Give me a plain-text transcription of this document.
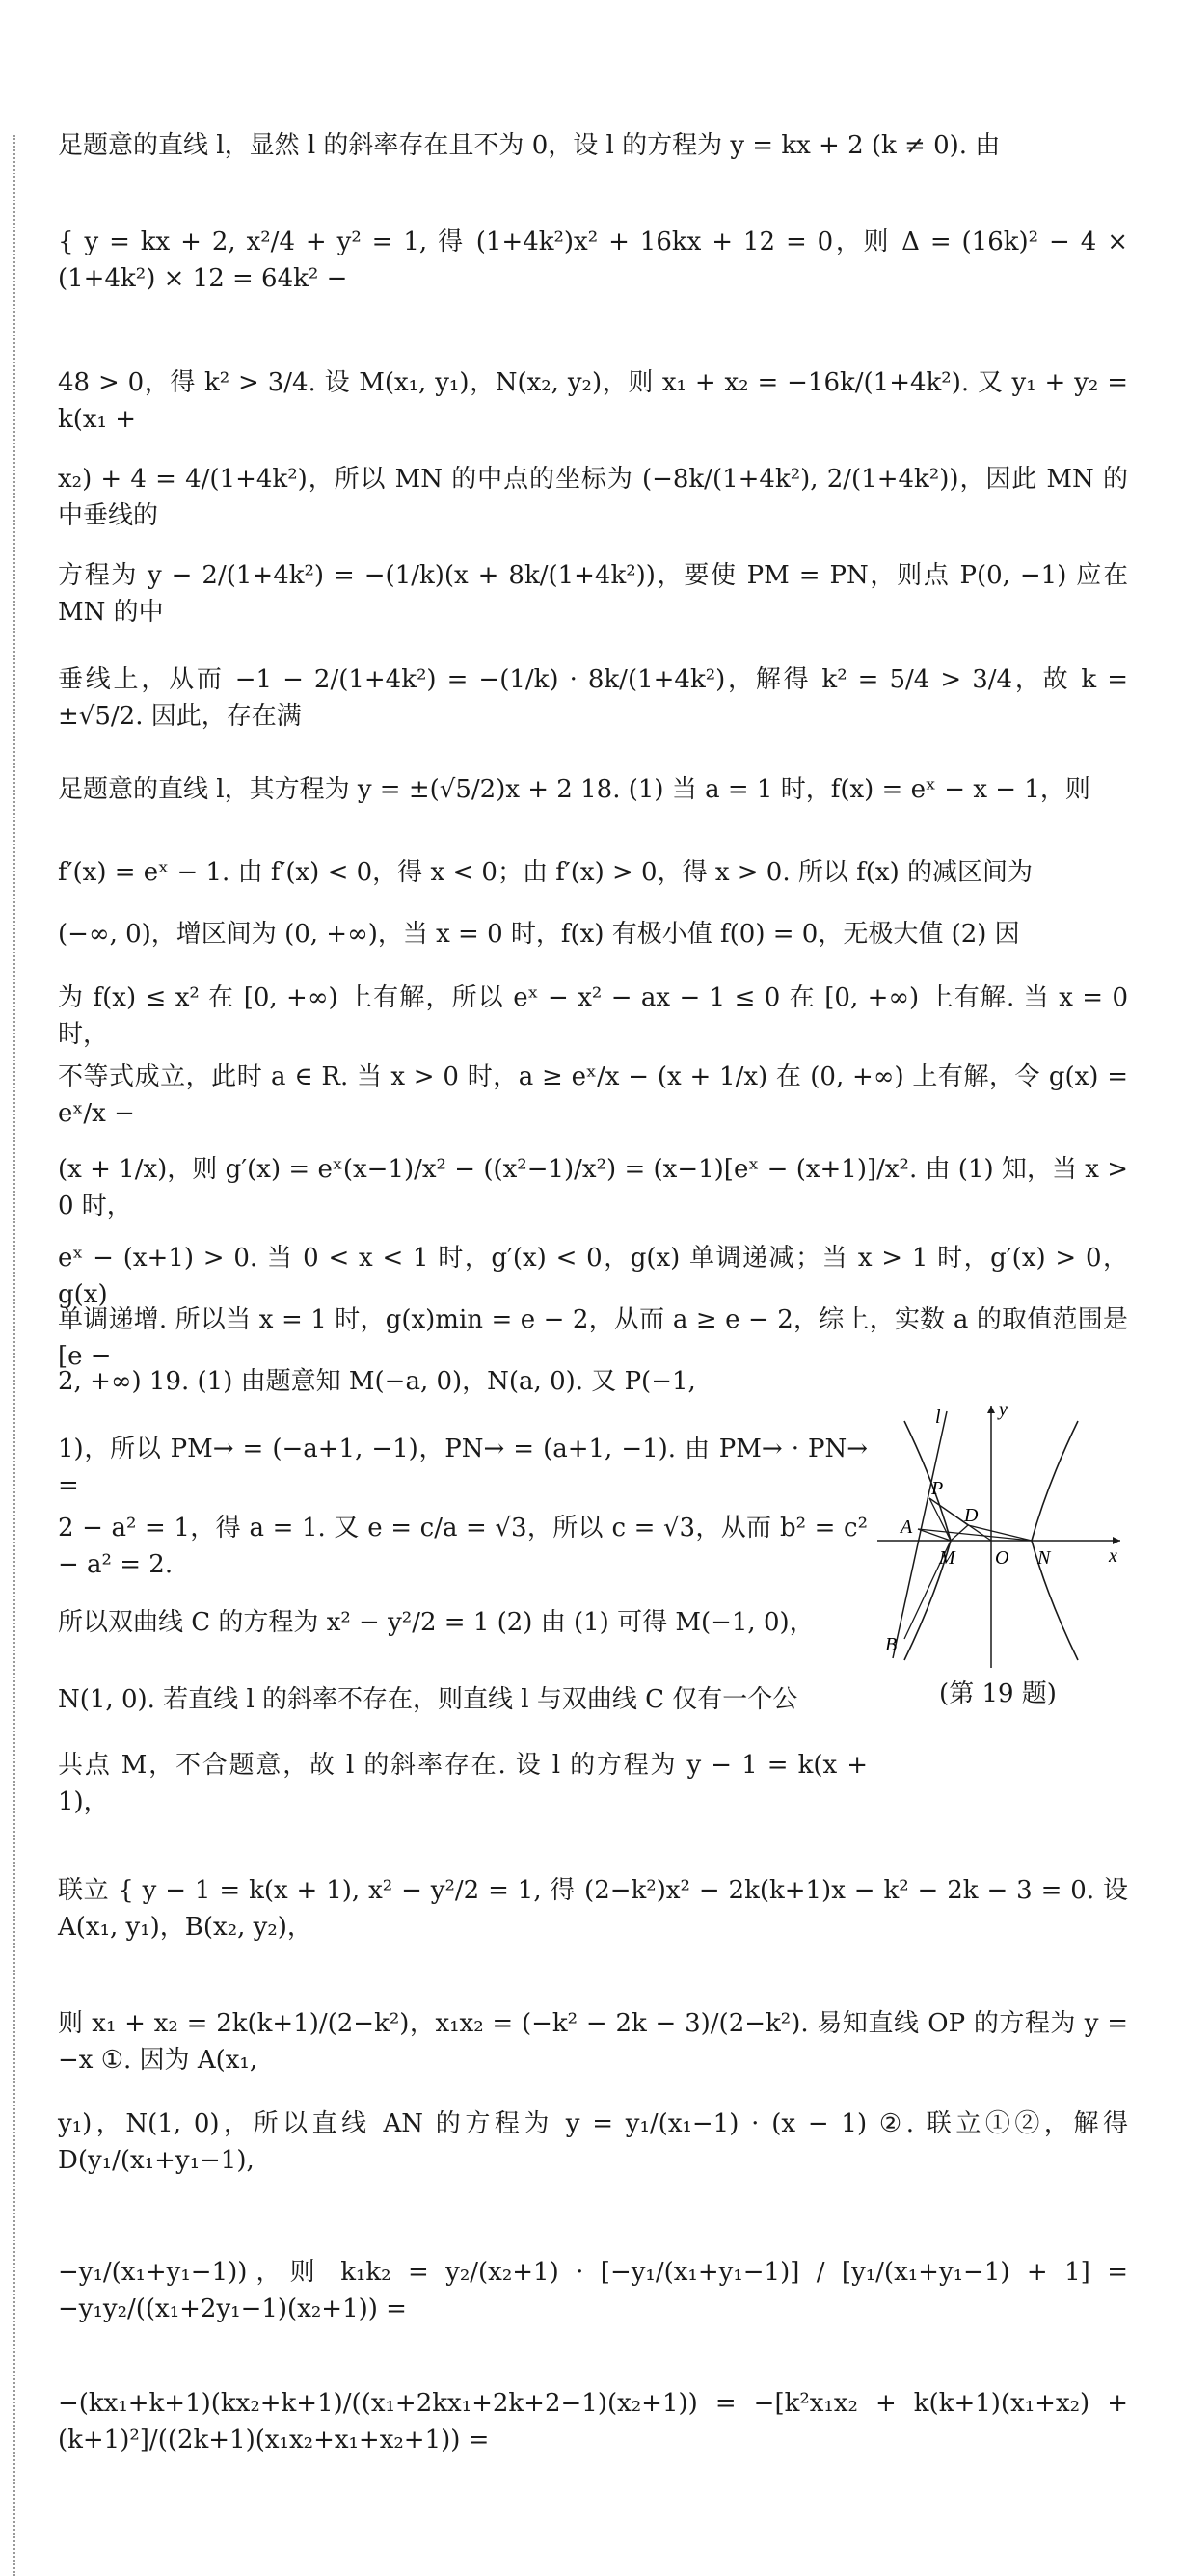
足题意的直线 l，显然 l 的斜率存在且不为 0，设 l 的方程为 y = kx + 2 (k ≠ 0). 由

{ y = kx + 2, x²/4 + y² = 1, 得 (1+4k²)x² + 16kx + 12 = 0，则 Δ = (16k)² − 4 × (1+4k²) × 12 = 64k² −

48 > 0，得 k² > 3/4. 设 M(x₁, y₁)，N(x₂, y₂)，则 x₁ + x₂ = −16k/(1+4k²). 又 y₁ + y₂ = k(x₁ +

x₂) + 4 = 4/(1+4k²)，所以 MN 的中点的坐标为 (−8k/(1+4k²), 2/(1+4k²))，因此 MN 的中垂线的

方程为 y − 2/(1+4k²) = −(1/k)(x + 8k/(1+4k²))，要使 PM = PN，则点 P(0, −1) 应在 MN 的中

垂线上，从而 −1 − 2/(1+4k²) = −(1/k) · 8k/(1+4k²)，解得 k² = 5/4 > 3/4，故 k = ±√5/2. 因此，存在满

足题意的直线 l，其方程为 y = ±(√5/2)x + 2 18. (1) 当 a = 1 时，f(x) = eˣ − x − 1，则

f′(x) = eˣ − 1. 由 f′(x) < 0，得 x < 0；由 f′(x) > 0，得 x > 0. 所以 f(x) 的减区间为

(−∞, 0)，增区间为 (0, +∞)，当 x = 0 时，f(x) 有极小值 f(0) = 0，无极大值 (2) 因

为 f(x) ≤ x² 在 [0, +∞) 上有解，所以 eˣ − x² − ax − 1 ≤ 0 在 [0, +∞) 上有解. 当 x = 0 时，

不等式成立，此时 a ∈ R. 当 x > 0 时，a ≥ eˣ/x − (x + 1/x) 在 (0, +∞) 上有解，令 g(x) = eˣ/x −

(x + 1/x)，则 g′(x) = eˣ(x−1)/x² − ((x²−1)/x²) = (x−1)[eˣ − (x+1)]/x². 由 (1) 知，当 x > 0 时，

eˣ − (x+1) > 0. 当 0 < x < 1 时，g′(x) < 0，g(x) 单调递减；当 x > 1 时，g′(x) > 0，g(x)

单调递增. 所以当 x = 1 时，g(x)min = e − 2，从而 a ≥ e − 2，综上，实数 a 的取值范围是 [e −

2, +∞) 19. (1) 由题意知 M(−a, 0)，N(a, 0). 又 P(−1,

1)，所以 PM→ = (−a+1, −1)，PN→ = (a+1, −1). 由 PM→ · PN→ =

2 − a² = 1，得 a = 1. 又 e = c/a = √3，所以 c = √3，从而 b² = c² − a² = 2.

所以双曲线 C 的方程为 x² − y²/2 = 1 (2) 由 (1) 可得 M(−1, 0)，

N(1, 0). 若直线 l 的斜率不存在，则直线 l 与双曲线 C 仅有一个公

共点 M，不合题意，故 l 的斜率存在. 设 l 的方程为 y − 1 = k(x + 1)，

联立 { y − 1 = k(x + 1), x² − y²/2 = 1, 得 (2−k²)x² − 2k(k+1)x − k² − 2k − 3 = 0. 设 A(x₁, y₁)，B(x₂, y₂)，

则 x₁ + x₂ = 2k(k+1)/(2−k²)，x₁x₂ = (−k² − 2k − 3)/(2−k²). 易知直线 OP 的方程为 y = −x ①. 因为 A(x₁,

y₁)，N(1, 0)，所以直线 AN 的方程为 y = y₁/(x₁−1) · (x − 1) ②. 联立①②，解得 D(y₁/(x₁+y₁−1),

−y₁/(x₁+y₁−1))，则 k₁k₂ = y₂/(x₂+1) · [−y₁/(x₁+y₁−1)] / [y₁/(x₁+y₁−1) + 1] = −y₁y₂/((x₁+2y₁−1)(x₂+1)) =

−(kx₁+k+1)(kx₂+k+1)/((x₁+2kx₁+2k+2−1)(x₂+1)) = −[k²x₁x₂ + k(k+1)(x₁+x₂) + (k+1)²]/((2k+1)(x₁x₂+x₁+x₂+1)) =

y
x
l
P
A
D
M O N
B
(第 19 题)
